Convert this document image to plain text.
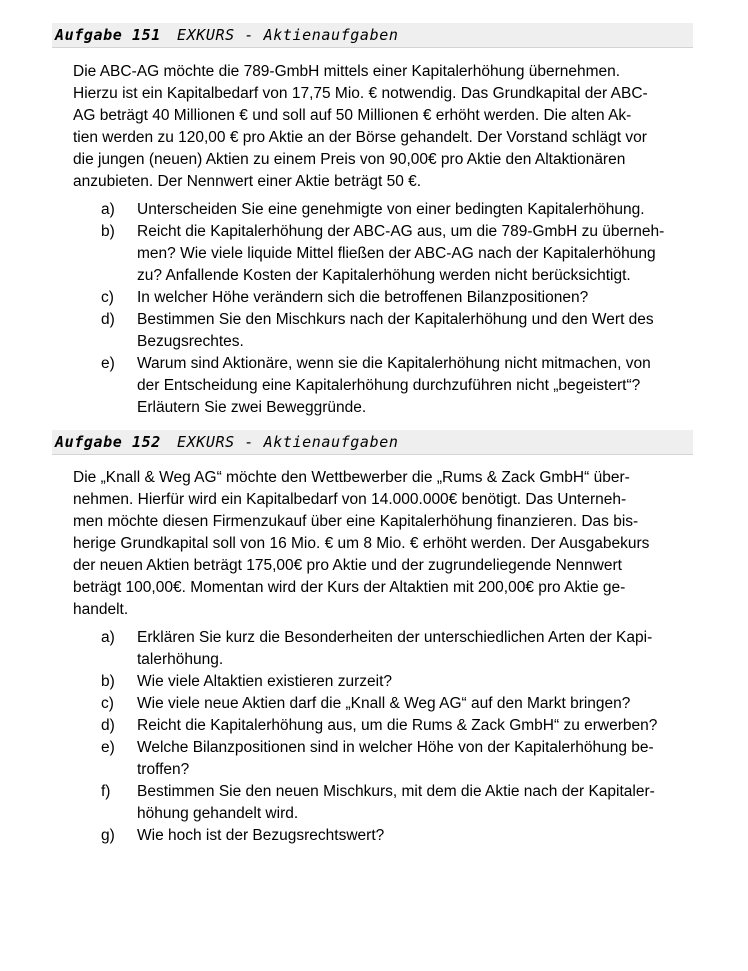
Aufgabe 151 EXKURS - Aktienaufgaben
Die ABC-AG möchte die 789-GmbH mittels einer Kapitalerhöhung übernehmen.
Hierzu ist ein Kapitalbedarf von 17,75 Mio. € notwendig. Das Grundkapital der ABC-
AG beträgt 40 Millionen € und soll auf 50 Millionen € erhöht werden. Die alten Ak-
tien werden zu 120,00 € pro Aktie an der Börse gehandelt. Der Vorstand schlägt vor
die jungen (neuen) Aktien zu einem Preis von 90,00€ pro Aktie den Altaktionären
anzubieten. Der Nennwert einer Aktie beträgt 50 €.
a) Unterscheiden Sie eine genehmigte von einer bedingten Kapitalerhöhung.
b) Reicht die Kapitalerhöhung der ABC-AG aus, um die 789-GmbH zu überneh-
men? Wie viele liquide Mittel fließen der ABC-AG nach der Kapitalerhöhung
zu? Anfallende Kosten der Kapitalerhöhung werden nicht berücksichtigt.
c) In welcher Höhe verändern sich die betroffenen Bilanzpositionen?
d) Bestimmen Sie den Mischkurs nach der Kapitalerhöhung und den Wert des
Bezugsrechtes.
e) Warum sind Aktionäre, wenn sie die Kapitalerhöhung nicht mitmachen, von
der Entscheidung eine Kapitalerhöhung durchzuführen nicht „begeistert“?
Erläutern Sie zwei Beweggründe.
Aufgabe 152 EXKURS - Aktienaufgaben
Die „Knall & Weg AG“ möchte den Wettbewerber die „Rums & Zack GmbH“ über-
nehmen. Hierfür wird ein Kapitalbedarf von 14.000.000€ benötigt. Das Unterneh-
men möchte diesen Firmenzukauf über eine Kapitalerhöhung finanzieren. Das bis-
herige Grundkapital soll von 16 Mio. € um 8 Mio. € erhöht werden. Der Ausgabekurs
der neuen Aktien beträgt 175,00€ pro Aktie und der zugrundeliegende Nennwert
beträgt 100,00€. Momentan wird der Kurs der Altaktien mit 200,00€ pro Aktie ge-
handelt.
a) Erklären Sie kurz die Besonderheiten der unterschiedlichen Arten der Kapi-
talerhöhung.
b) Wie viele Altaktien existieren zurzeit?
c) Wie viele neue Aktien darf die „Knall & Weg AG“ auf den Markt bringen?
d) Reicht die Kapitalerhöhung aus, um die Rums & Zack GmbH“ zu erwerben?
e) Welche Bilanzpositionen sind in welcher Höhe von der Kapitalerhöhung be-
troffen?
f) Bestimmen Sie den neuen Mischkurs, mit dem die Aktie nach der Kapitaler-
höhung gehandelt wird.
g) Wie hoch ist der Bezugsrechtswert?
